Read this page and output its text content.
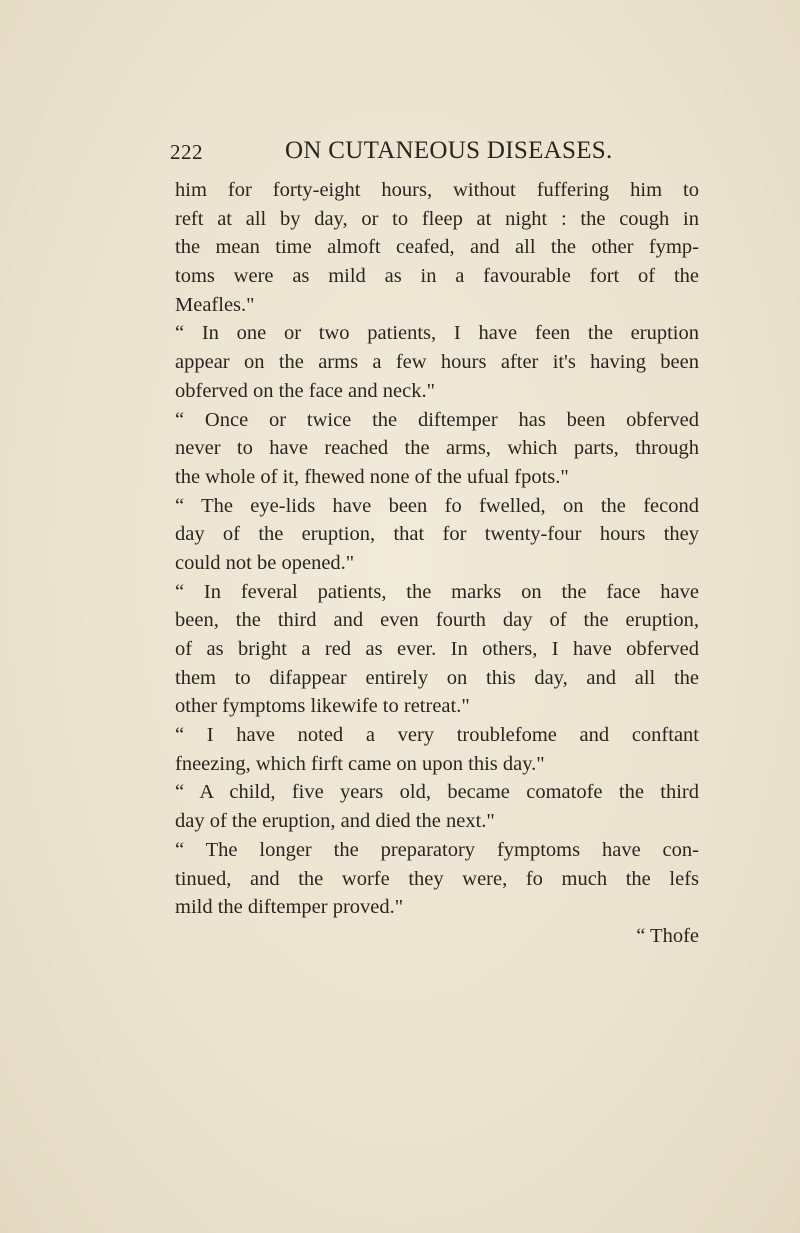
222	ON CUTANEOUS DISEASES.
him for forty-eight hours, without fuffering him to
reft at all by day, or to fleep at night : the cough in
the mean time almoft ceafed, and all the other fymp-
toms were as mild as in a favourable fort of the
Meafles."
“ In one or two patients, I have feen the eruption
appear on the arms a few hours after it's having been
obferved on the face and neck."
“ Once or twice the diftemper has been obferved
never to have reached the arms, which parts, through
the whole of it, fhewed none of the ufual fpots."
“ The eye-lids have been fo fwelled, on the fecond
day of the eruption, that for twenty-four hours they
could not be opened."
“ In feveral patients, the marks on the face have
been, the third and even fourth day of the eruption,
of as bright a red as ever. In others, I have obferved
them to difappear entirely on this day, and all the
other fymptoms likewife to retreat."
“ I have noted a very troublefome and conftant
fneezing, which firft came on upon this day."
“ A child, five years old, became comatofe the third
day of the eruption, and died the next."
“ The longer the preparatory fymptoms have con-
tinued, and the worfe they were, fo much the lefs
mild the diftemper proved."
“ Thofe
